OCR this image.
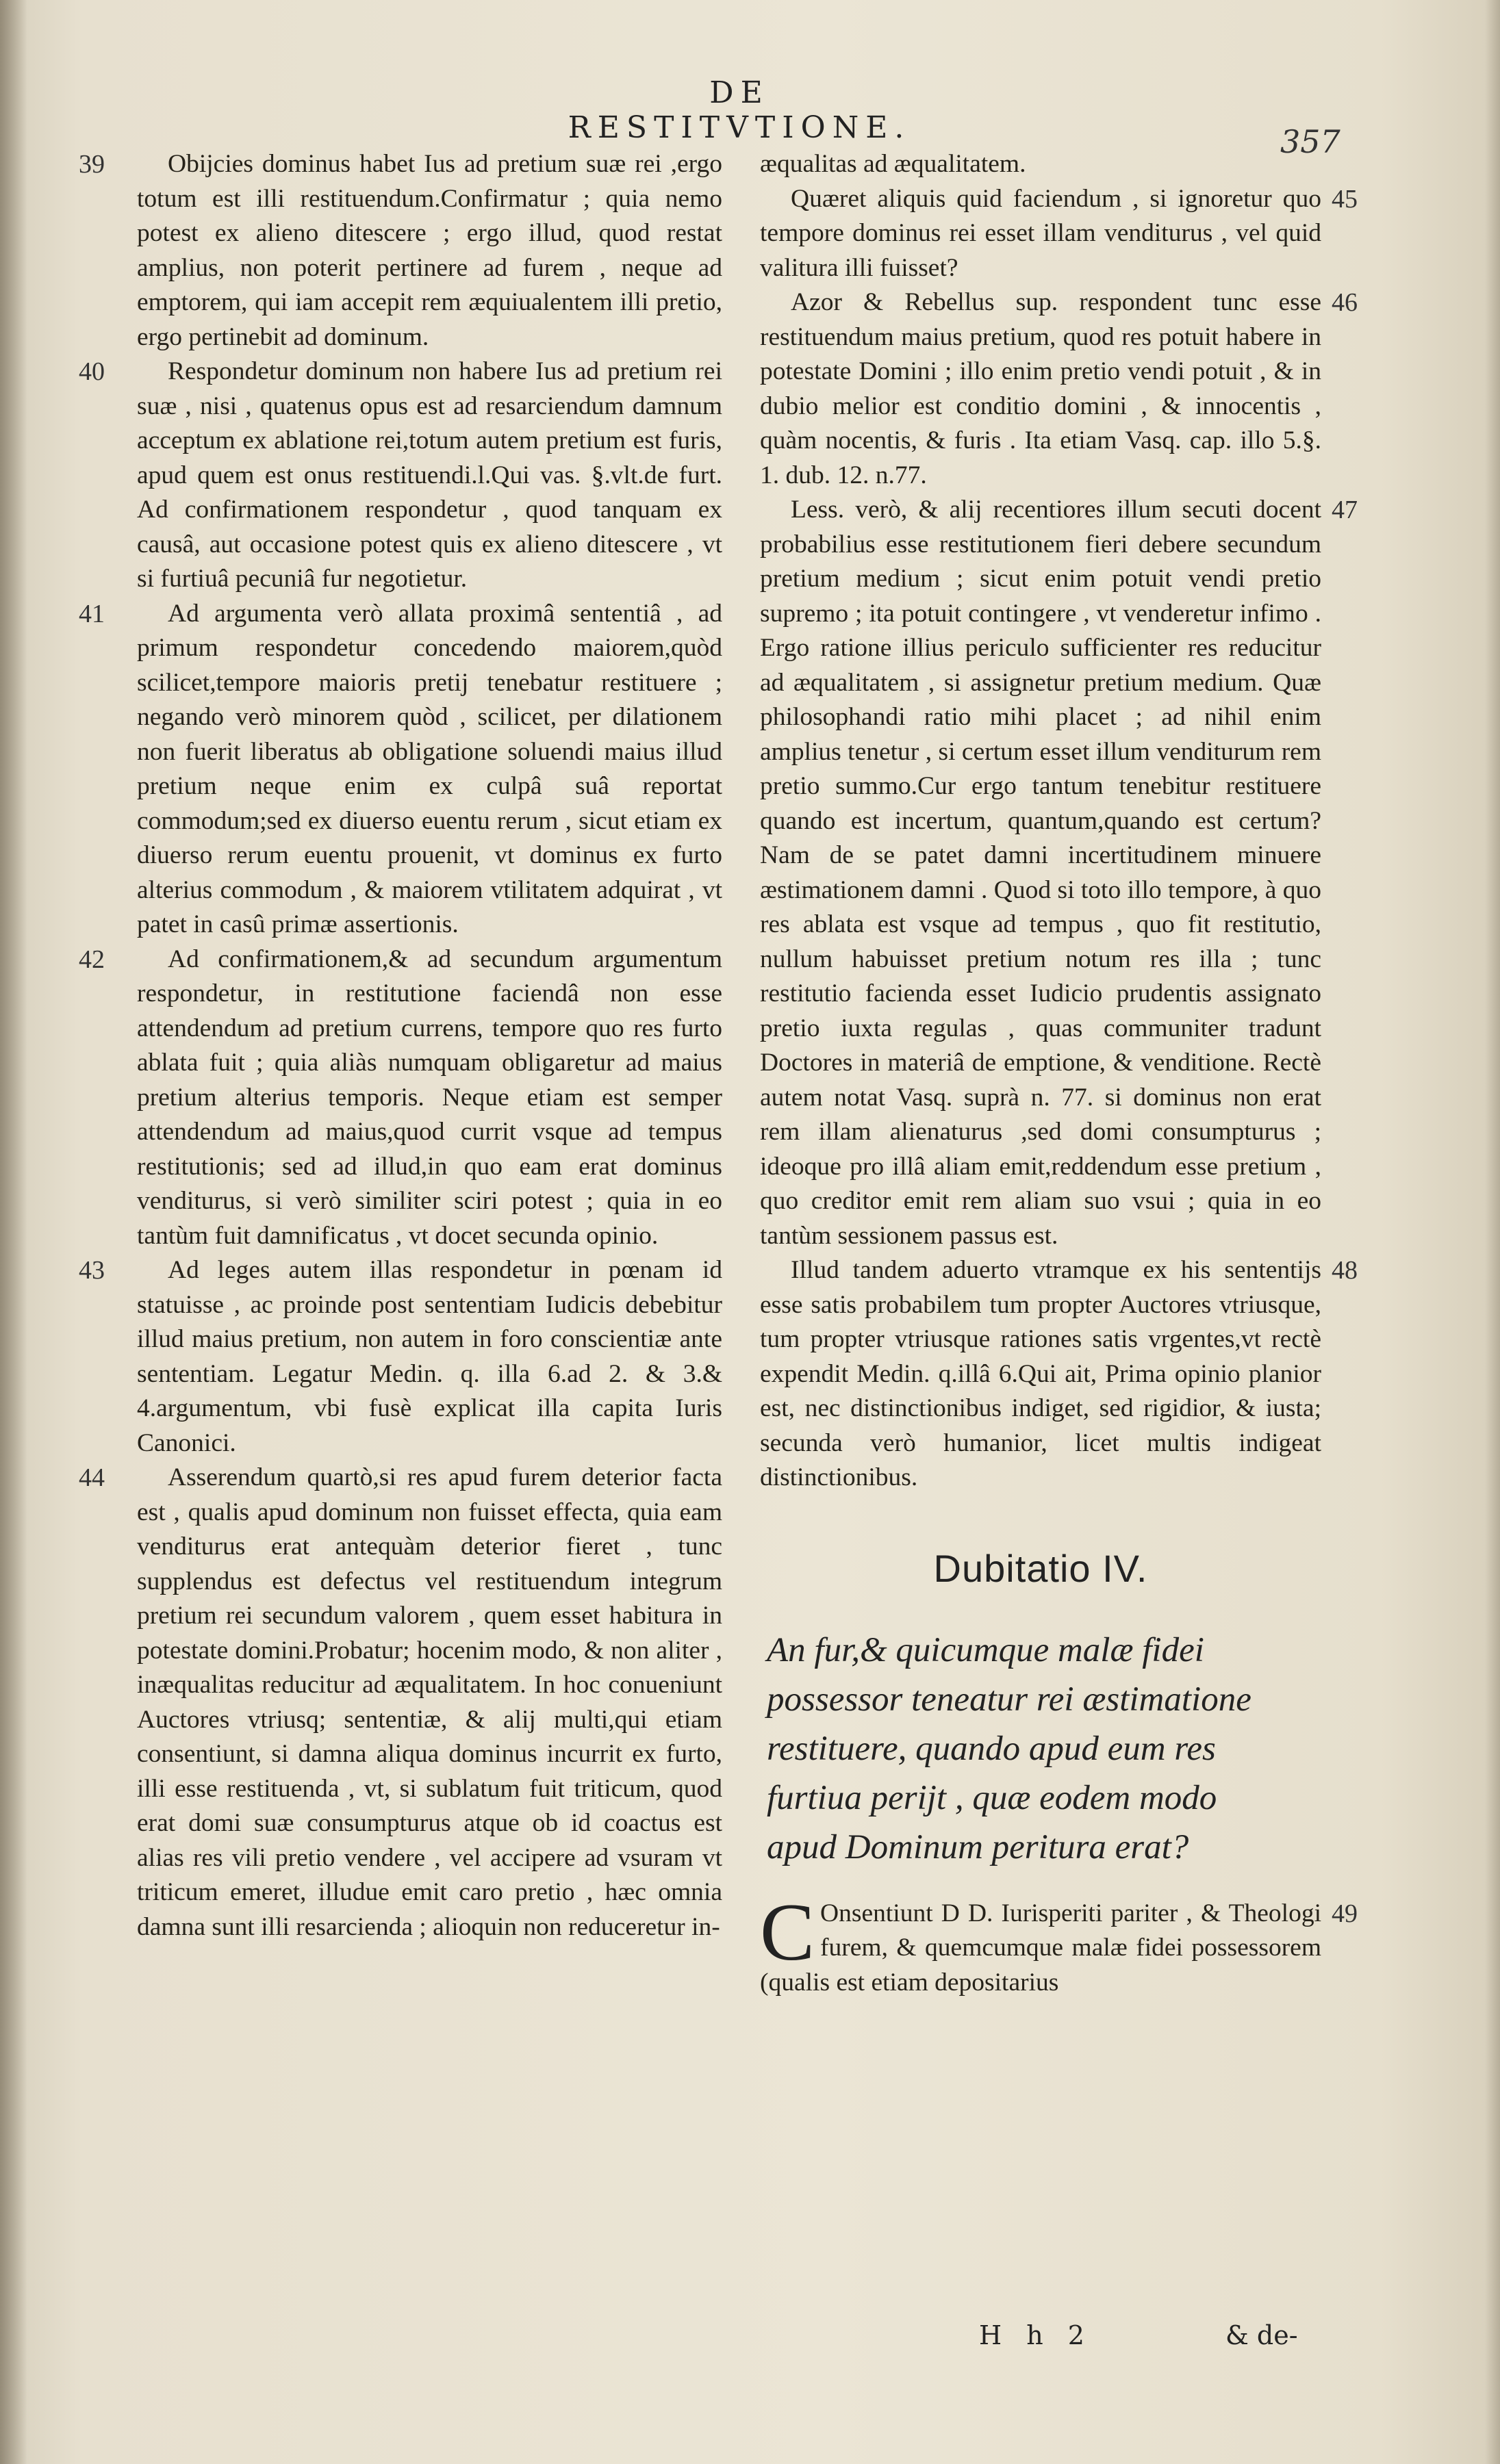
DE RESTITVTIONE.	357

39 Obijcies dominus habet Ius ad pretium suæ rei ,ergo totum est illi restituendum.Confirmatur ; quia nemo potest ex alieno ditescere ; ergo illud, quod restat amplius, non poterit pertinere ad furem , neque ad emptorem, qui iam accepit rem æquiualentem illi pretio, ergo pertinebit ad dominum.

40 Respondetur dominum non habere Ius ad pretium rei suæ , nisi , quatenus opus est ad resarciendum damnum acceptum ex ablatione rei,totum autem pretium est furis, apud quem est onus restituendi.l.Qui vas. §.vlt.de furt. Ad confirmationem respondetur , quod tanquam ex causâ, aut occasione potest quis ex alieno ditescere , vt si furtiuâ pecuniâ fur negotietur.

41 Ad argumenta verò allata proximâ sententiâ , ad primum respondetur concedendo maiorem,quòd scilicet,tempore maioris pretij tenebatur restituere ; negando verò minorem quòd , scilicet, per dilationem non fuerit liberatus ab obligatione soluendi maius illud pretium neque enim ex culpâ suâ reportat commodum;sed ex diuerso euentu rerum , sicut etiam ex diuerso rerum euentu prouenit, vt dominus ex furto alterius commodum , & maiorem vtilitatem adquirat , vt patet in casû primæ assertionis.

42 Ad confirmationem,& ad secundum argumentum respondetur, in restitutione faciendâ non esse attendendum ad pretium currens, tempore quo res furto ablata fuit ; quia aliàs numquam obligaretur ad maius pretium alterius temporis. Neque etiam est semper attendendum ad maius,quod currit vsque ad tempus restitutionis; sed ad illud,in quo eam erat dominus venditurus, si verò similiter sciri potest ; quia in eo tantùm fuit damnificatus , vt docet secunda opinio.

43 Ad leges autem illas respondetur in pœnam id statuisse , ac proinde post sententiam Iudicis debebitur illud maius pretium, non autem in foro conscientiæ ante sententiam. Legatur Medin. q. illa 6.ad 2. & 3.& 4.argumentum, vbi fusè explicat illa capita Iuris Canonici.

44 Asserendum quartò,si res apud furem deterior facta est , qualis apud dominum non fuisset effecta, quia eam venditurus erat antequàm deterior fieret , tunc supplendus est defectus vel restituendum integrum pretium rei secundum valorem , quem esset habitura in potestate domini.Probatur; hocenim modo, & non aliter , inæqualitas reducitur ad æqualitatem. In hoc conueniunt Auctores vtriusq; sententiæ, & alij multi,qui etiam consentiunt, si damna aliqua dominus incurrit ex furto, illi esse restituenda , vt, si sublatum fuit triticum, quod erat domi suæ consumpturus atque ob id coactus est alias res vili pretio vendere , vel accipere ad vsuram vt triticum emeret, illudue emit caro pretio , hæc omnia damna sunt illi resarcienda ; alioquin non reduceretur in-

æqualitas ad æqualitatem.

45
Quæret aliquis quid faciendum , si ignoretur quo tempore dominus rei esset illam venditurus , vel quid valitura illi fuisset?

46
Azor & Rebellus sup. respondent tunc esse restituendum maius pretium, quod res potuit habere in potestate Domini ; illo enim pretio vendi potuit , & in dubio melior est conditio domini , & innocentis , quàm nocentis, & furis . Ita etiam Vasq. cap. illo 5.§. 1. dub. 12. n.77.

47
Less. verò, & alij recentiores illum secuti docent probabilius esse restitutionem fieri debere secundum pretium medium ; sicut enim potuit vendi pretio supremo ; ita potuit contingere , vt venderetur infimo . Ergo ratione illius periculo sufficienter res reducitur ad æqualitatem , si assignetur pretium medium. Quæ philosophandi ratio mihi placet ; ad nihil enim amplius tenetur , si certum esset illum venditurum rem pretio summo.Cur ergo tantum tenebitur restituere quando est incertum, quantum,quando est certum?Nam de se patet damni incertitudinem minuere æstimationem damni . Quod si toto illo tempore, à quo res ablata est vsque ad tempus , quo fit restitutio, nullum habuisset pretium notum res illa ; tunc restitutio facienda esset Iudicio prudentis assignato pretio iuxta regulas , quas communiter tradunt Doctores in materiâ de emptione, & venditione. Rectè autem notat Vasq. suprà n. 77. si dominus non erat rem illam alienaturus ,sed domi consumpturus ; ideoque pro illâ aliam emit,reddendum esse pretium , quo creditor emit rem aliam suo vsui ; quia in eo tantùm sessionem passus est.

48
Illud tandem aduerto vtramque ex his sententijs esse satis probabilem tum propter Auctores vtriusque, tum propter vtriusque rationes satis vrgentes,vt rectè expendit Medin. q.illâ 6.Qui ait, Prima opinio planior est, nec distinctionibus indiget, sed rigidior, & iusta; secunda verò humanior, licet multis indigeat distinctionibus.

Dubitatio IV.
An fur,& quicumque malæ fidei possessor teneatur rei æstimatione restituere, quando apud eum res furtiua perijt , quæ eodem modo apud Dominum peritura erat?

49
C Onsentiunt D D. Iurisperiti pariter , & Theologi furem, & quemcumque malæ fidei possessorem (qualis est etiam depositarius

H h 2	& de-
